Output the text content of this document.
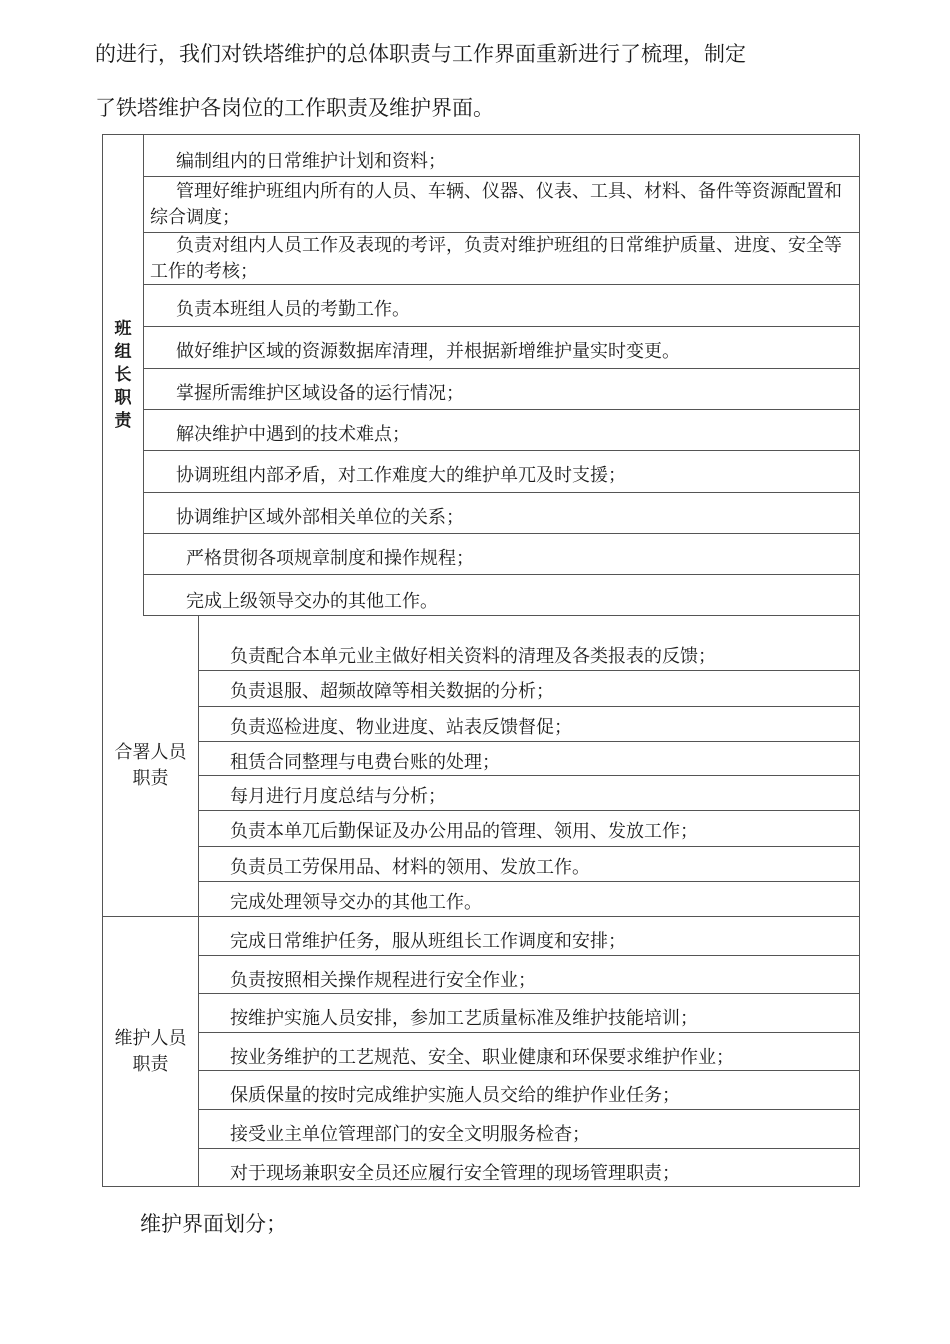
的进行，我们对铁塔维护的总体职责与工作界面重新进行了梳理，制定
了铁塔维护各岗位的工作职责及维护界面。
班组长职责
编制组内的日常维护计划和资料；
管理好维护班组内所有的人员、车辆、仪器、仪表、工具、材料、备件等资源配置和综合调度；
负责对组内人员工作及表现的考评，负责对维护班组的日常维护质量、进度、安全等工作的考核；
负责本班组人员的考勤工作。
做好维护区域的资源数据库清理，并根据新增维护量实时变更。
掌握所需维护区域设备的运行情况；
解决维护中遇到的技术难点；
协调班组内部矛盾，对工作难度大的维护单兀及时支援；
协调维护区域外部相关单位的关系；
严格贯彻各项规章制度和操作规程；
完成上级领导交办的其他工作。
合署人员职责
负责配合本单元业主做好相关资料的清理及各类报表的反馈；
负责退服、超频故障等相关数据的分析；
负责巡检进度、物业进度、站表反馈督促；
租赁合同整理与电费台账的处理；
每月进行月度总结与分析；
负责本单兀后勤保证及办公用品的管理、领用、发放工作；
负责员工劳保用品、材料的领用、发放工作。
完成处理领导交办的其他工作。
维护人员职责
完成日常维护任务，服从班组长工作调度和安排；
负责按照相关操作规程进行安全作业；
按维护实施人员安排，参加工艺质量标准及维护技能培训；
按业务维护的工艺规范、安全、职业健康和环保要求维护作业；
保质保量的按时完成维护实施人员交给的维护作业任务；
接受业主单位管理部门的安全文明服务检杳；
对于现场兼职安全员还应履行安全管理的现场管理职责；
维护界面划分；
